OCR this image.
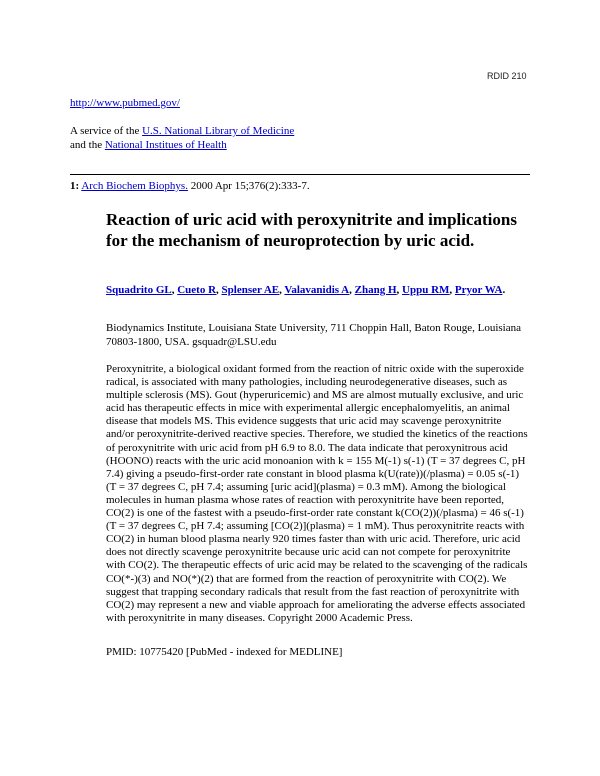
RDID 210
http://www.pubmed.gov/
A service of the U.S. National Library of Medicine
and the National Institues of Health
1: Arch Biochem Biophys. 2000 Apr 15;376(2):333-7.
Reaction of uric acid with peroxynitrite and implications for the mechanism of neuroprotection by uric acid.
Squadrito GL, Cueto R, Splenser AE, Valavanidis A, Zhang H, Uppu RM, Pryor WA.
Biodynamics Institute, Louisiana State University, 711 Choppin Hall, Baton Rouge, Louisiana 70803-1800, USA. gsquadr@LSU.edu
Peroxynitrite, a biological oxidant formed from the reaction of nitric oxide with the superoxide radical, is associated with many pathologies, including neurodegenerative diseases, such as multiple sclerosis (MS). Gout (hyperuricemic) and MS are almost mutually exclusive, and uric acid has therapeutic effects in mice with experimental allergic encephalomyelitis, an animal disease that models MS. This evidence suggests that uric acid may scavenge peroxynitrite and/or peroxynitrite-derived reactive species. Therefore, we studied the kinetics of the reactions of peroxynitrite with uric acid from pH 6.9 to 8.0. The data indicate that peroxynitrous acid (HOONO) reacts with the uric acid monoanion with k = 155 M(-1) s(-1) (T = 37 degrees C, pH 7.4) giving a pseudo-first-order rate constant in blood plasma k(U(rate))(/plasma) = 0.05 s(-1) (T = 37 degrees C, pH 7.4; assuming [uric acid](plasma) = 0.3 mM). Among the biological molecules in human plasma whose rates of reaction with peroxynitrite have been reported, CO(2) is one of the fastest with a pseudo-first-order rate constant k(CO(2))(/plasma) = 46 s(-1) (T = 37 degrees C, pH 7.4; assuming [CO(2)](plasma) = 1 mM). Thus peroxynitrite reacts with CO(2) in human blood plasma nearly 920 times faster than with uric acid. Therefore, uric acid does not directly scavenge peroxynitrite because uric acid can not compete for peroxynitrite with CO(2). The therapeutic effects of uric acid may be related to the scavenging of the radicals CO(*-)(3) and NO(*)(2) that are formed from the reaction of peroxynitrite with CO(2). We suggest that trapping secondary radicals that result from the fast reaction of peroxynitrite with CO(2) may represent a new and viable approach for ameliorating the adverse effects associated with peroxynitrite in many diseases. Copyright 2000 Academic Press.
PMID: 10775420 [PubMed - indexed for MEDLINE]
